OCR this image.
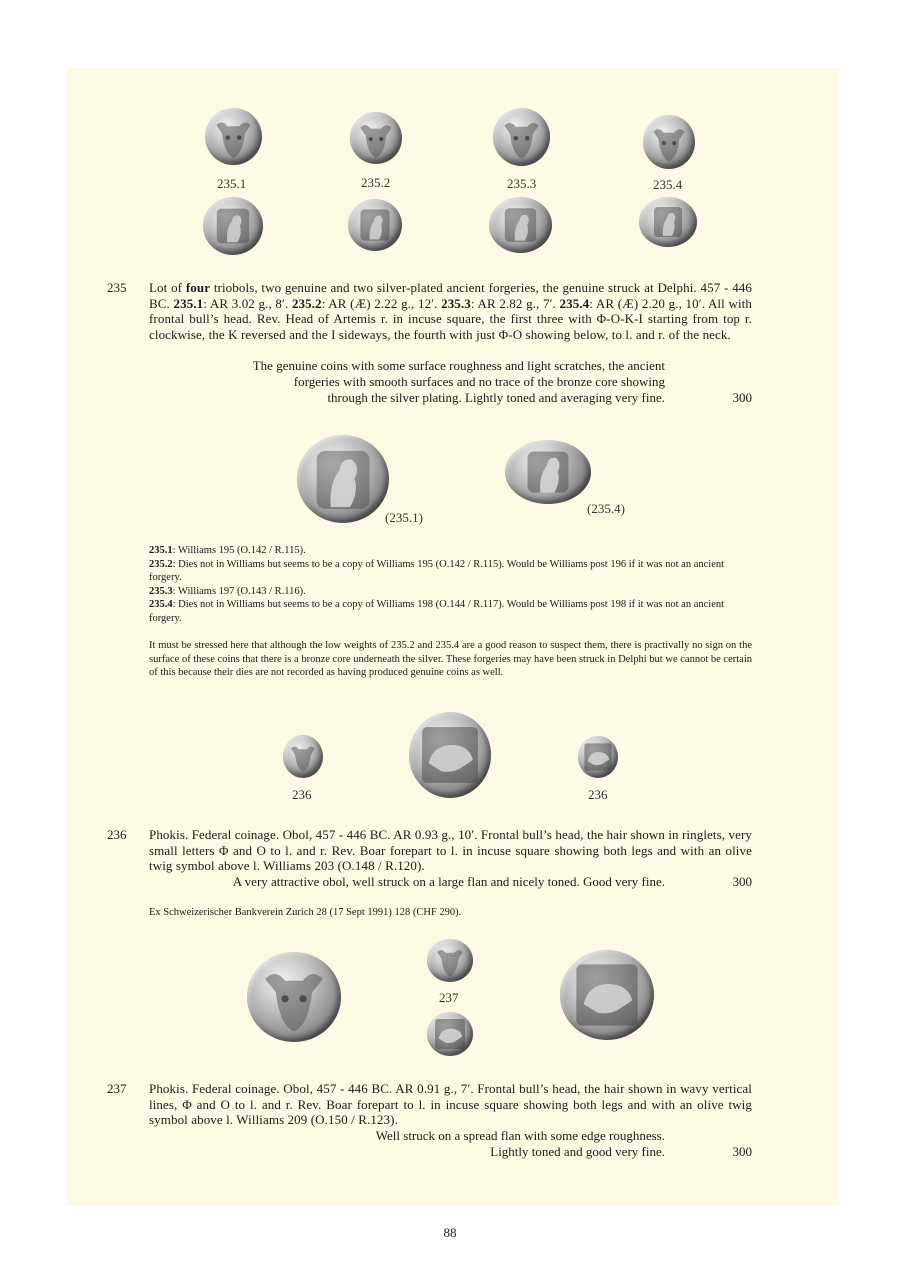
235.1	235.2	235.3	235.4
235 Lot of four triobols, two genuine and two silver-plated ancient forgeries, the genuine struck at Delphi. 457 - 446 BC. 235.1: AR 3.02 g., 8′. 235.2: AR (Æ) 2.22 g., 12′. 235.3: AR 2.82 g., 7′. 235.4: AR (Æ) 2.20 g., 10′. All with frontal bull’s head. Rev. Head of Artemis r. in incuse square, the first three with Φ-O-K-I starting from top r. clockwise, the K reversed and the I sideways, the fourth with just Φ-O showing below, to l. and r. of the neck.
The genuine coins with some surface roughness and light scratches, the ancient
forgeries with smooth surfaces and no trace of the bronze core showing
through the silver plating. Lightly toned and averaging very fine.	300
(235.1)
(235.4)

235.1: Williams 195 (O.142 / R.115).

235.2: Dies not in Williams but seems to be a copy of Williams 195 (O.142 / R.115). Would be Williams post 196 if it was not an ancient forgery.

235.3: Williams 197 (O.143 / R.116).

235.4: Dies not in Williams but seems to be a copy of Williams 198 (O.144 / R.117). Would be Williams post 198 if it was not an ancient forgery.

It must be stressed here that although the low weights of 235.2 and 235.4 are a good reason to suspect them, there is practivally no sign on the surface of these coins that there is a bronze core underneath the silver. These forgeries may have been struck in Delphi but we cannot be certain of this because their dies are not recorded as having produced genuine coins as well.
236	236
236 Phokis. Federal coinage. Obol, 457 - 446 BC. AR 0.93 g., 10′. Frontal bull’s head, the hair shown in ringlets, very small letters Φ and O to l. and r. Rev. Boar forepart to l. in incuse square showing both legs and with an olive twig symbol above l. Williams 203 (O.148 / R.120).
A very attractive obol, well struck on a large flan and nicely toned. Good very fine.	300
Ex Schweizerischer Bankverein Zurich 28 (17 Sept 1991) 128 (CHF 290).
237
237 Phokis. Federal coinage. Obol, 457 - 446 BC. AR 0.91 g., 7′. Frontal bull’s head, the hair shown in wavy vertical lines, Φ and O to l. and r. Rev. Boar forepart to l. in incuse square showing both legs and with an olive twig symbol above l. Williams 209 (O.150 / R.123).
Well struck on a spread flan with some edge roughness.
Lightly toned and good very fine.	300
88
